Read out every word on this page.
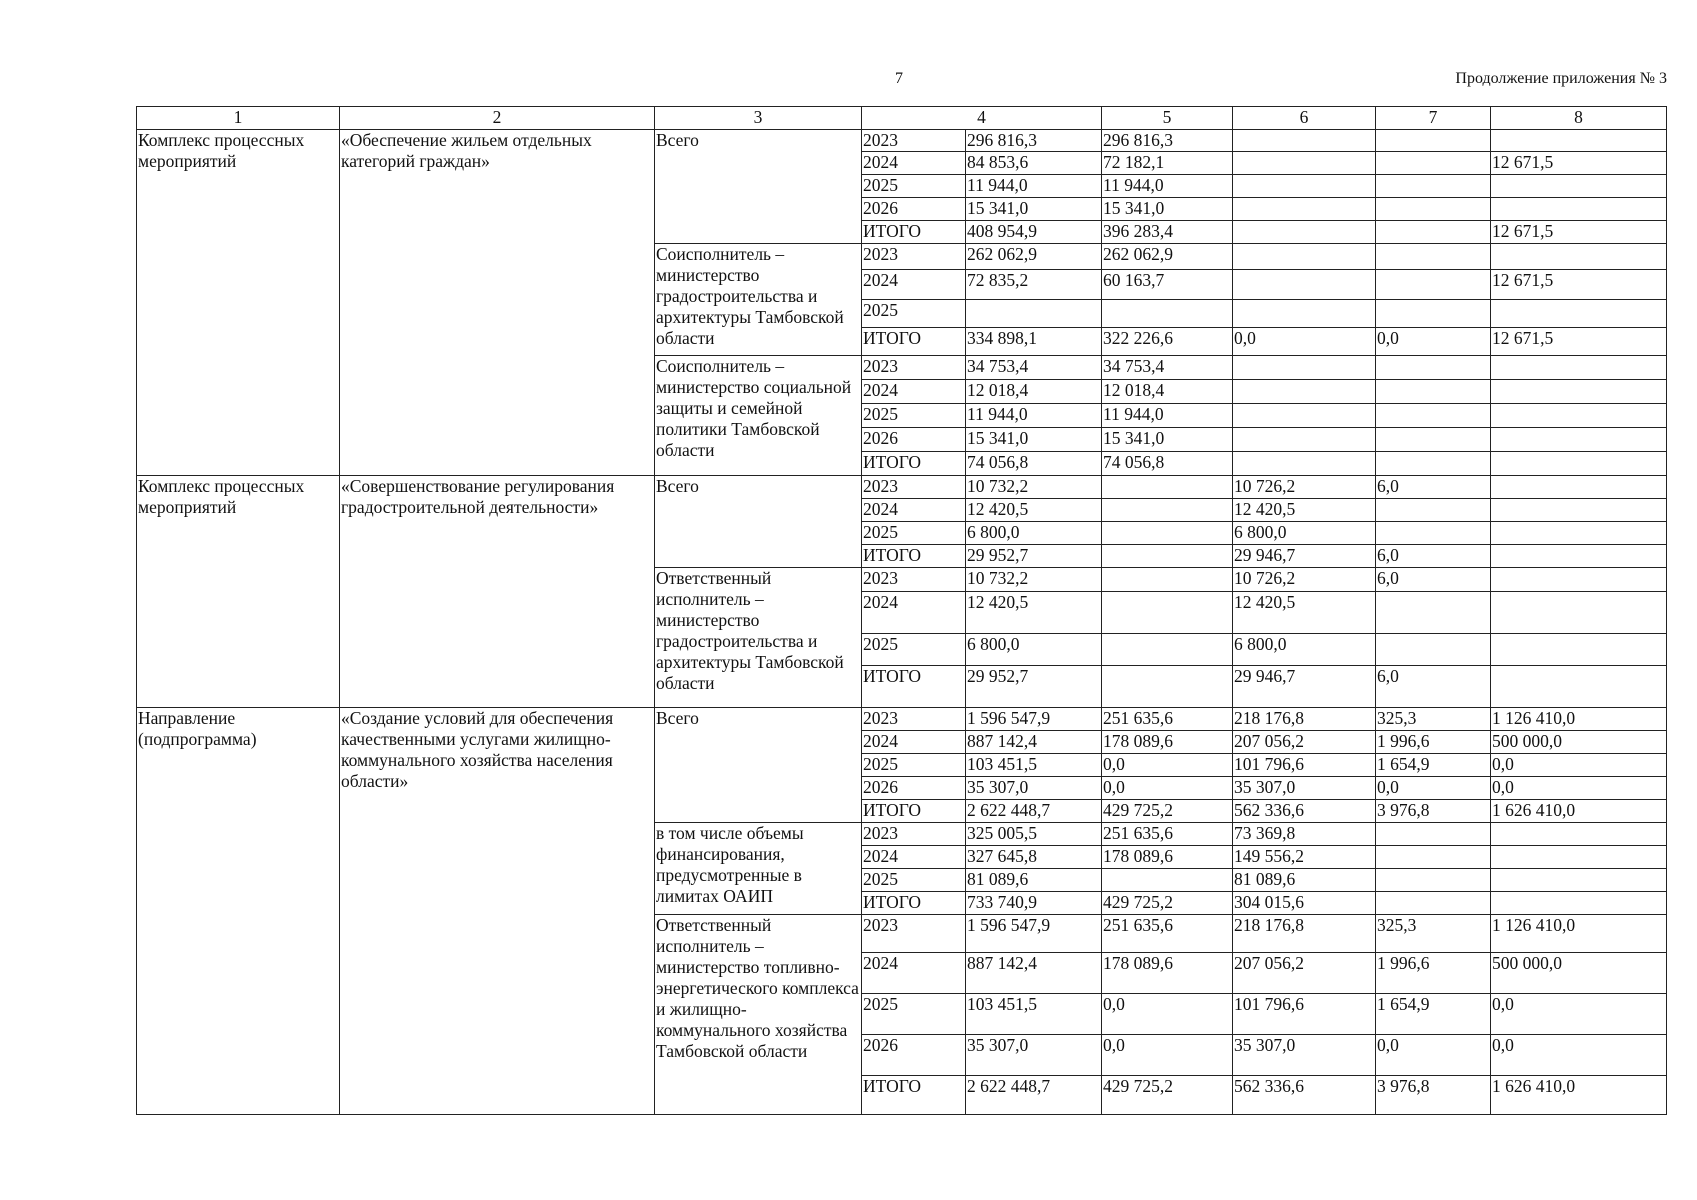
7	Продолжение приложения № 3
1	2	3	4		5	6	7	8
Комплекс процессных мероприятий	«Обеспечение жильем отдельных категорий граждан»	Всего	2023	296 816,3	296 816,3			
			2024	84 853,6	72 182,1			12 671,5
			2025	11 944,0	11 944,0			
			2026	15 341,0	15 341,0			
			ИТОГО	408 954,9	396 283,4			12 671,5
		Соисполнитель – министерство градостроительства и архитектуры Тамбовской области	2023	262 062,9	262 062,9			
			2024	72 835,2	60 163,7			12 671,5
			2025					
			ИТОГО	334 898,1	322 226,6	0,0	0,0	12 671,5
		Соисполнитель – министерство социальной защиты и семейной политики Тамбовской области	2023	34 753,4	34 753,4			
			2024	12 018,4	12 018,4			
			2025	11 944,0	11 944,0			
			2026	15 341,0	15 341,0			
			ИТОГО	74 056,8	74 056,8			
Комплекс процессных мероприятий	«Совершенствование регулирования градостроительной деятельности»	Всего	2023	10 732,2		10 726,2	6,0	
			2024	12 420,5		12 420,5		
			2025	6 800,0		6 800,0		
			ИТОГО	29 952,7		29 946,7	6,0	
		Ответственный исполнитель – министерство градостроительства и архитектуры Тамбовской области	2023	10 732,2		10 726,2	6,0	
			2024	12 420,5		12 420,5		
			2025	6 800,0		6 800,0		
			ИТОГО	29 952,7		29 946,7	6,0	
Направление (подпрограмма)	«Создание условий для обеспечения качественными услугами жилищно-коммунального хозяйства населения области»	Всего	2023	1 596 547,9	251 635,6	218 176,8	325,3	1 126 410,0
			2024	887 142,4	178 089,6	207 056,2	1 996,6	500 000,0
			2025	103 451,5	0,0	101 796,6	1 654,9	0,0
			2026	35 307,0	0,0	35 307,0	0,0	0,0
			ИТОГО	2 622 448,7	429 725,2	562 336,6	3 976,8	1 626 410,0
		в том числе объемы финансирования, предусмотренные в лимитах ОАИП	2023	325 005,5	251 635,6	73 369,8		
			2024	327 645,8	178 089,6	149 556,2		
			2025	81 089,6		81 089,6		
			ИТОГО	733 740,9	429 725,2	304 015,6		
		Ответственный исполнитель – министерство топливно-энергетического комплекса и жилищно-коммунального хозяйства Тамбовской области	2023	1 596 547,9	251 635,6	218 176,8	325,3	1 126 410,0
			2024	887 142,4	178 089,6	207 056,2	1 996,6	500 000,0
			2025	103 451,5	0,0	101 796,6	1 654,9	0,0
			2026	35 307,0	0,0	35 307,0	0,0	0,0
			ИТОГО	2 622 448,7	429 725,2	562 336,6	3 976,8	1 626 410,0
